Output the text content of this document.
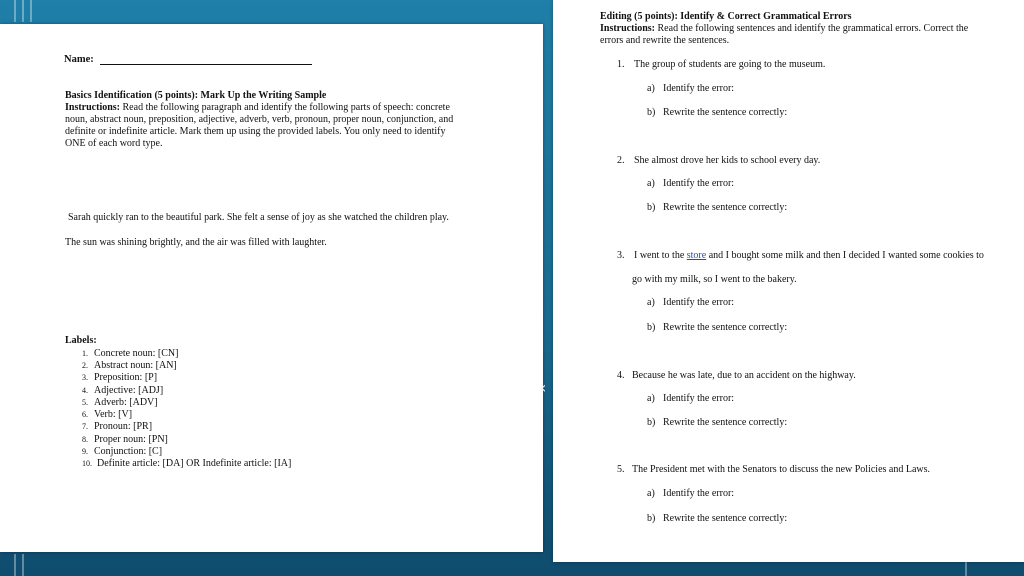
Name:
Basics Identification (5 points): Mark Up the Writing Sample
Instructions: Read the following paragraph and identify the following parts of speech: concrete
noun, abstract noun, preposition, adjective, adverb, verb, pronoun, proper noun, conjunction, and
definite or indefinite article. Mark them up using the provided labels. You only need to identify
ONE of each word type.
Sarah quickly ran to the beautiful park. She felt a sense of joy as she watched the children play.
The sun was shining brightly, and the air was filled with laughter.
Labels:
1. Concrete noun: [CN]
2. Abstract noun: [AN]
3. Preposition: [P]
4. Adjective: [ADJ]
5. Adverb: [ADV]
6. Verb: [V]
7. Pronoun: [PR]
8. Proper noun: [PN]
9. Conjunction: [C]
10. Definite article: [DA] OR Indefinite article: [IA]
‹
Editing (5 points): Identify & Correct Grammatical Errors
Instructions: Read the following sentences and identify the grammatical errors. Correct the
errors and rewrite the sentences.
1. The group of students are going to the museum.
a) Identify the error:
b) Rewrite the sentence correctly:
2. She almost drove her kids to school every day.
a) Identify the error:
b) Rewrite the sentence correctly:
3. I went to the store and I bought some milk and then I decided I wanted some cookies to
go with my milk, so I went to the bakery.
a) Identify the error:
b) Rewrite the sentence correctly:
4. Because he was late, due to an accident on the highway.
a) Identify the error:
b) Rewrite the sentence correctly:
5. The President met with the Senators to discuss the new Policies and Laws.
a) Identify the error:
b) Rewrite the sentence correctly:
